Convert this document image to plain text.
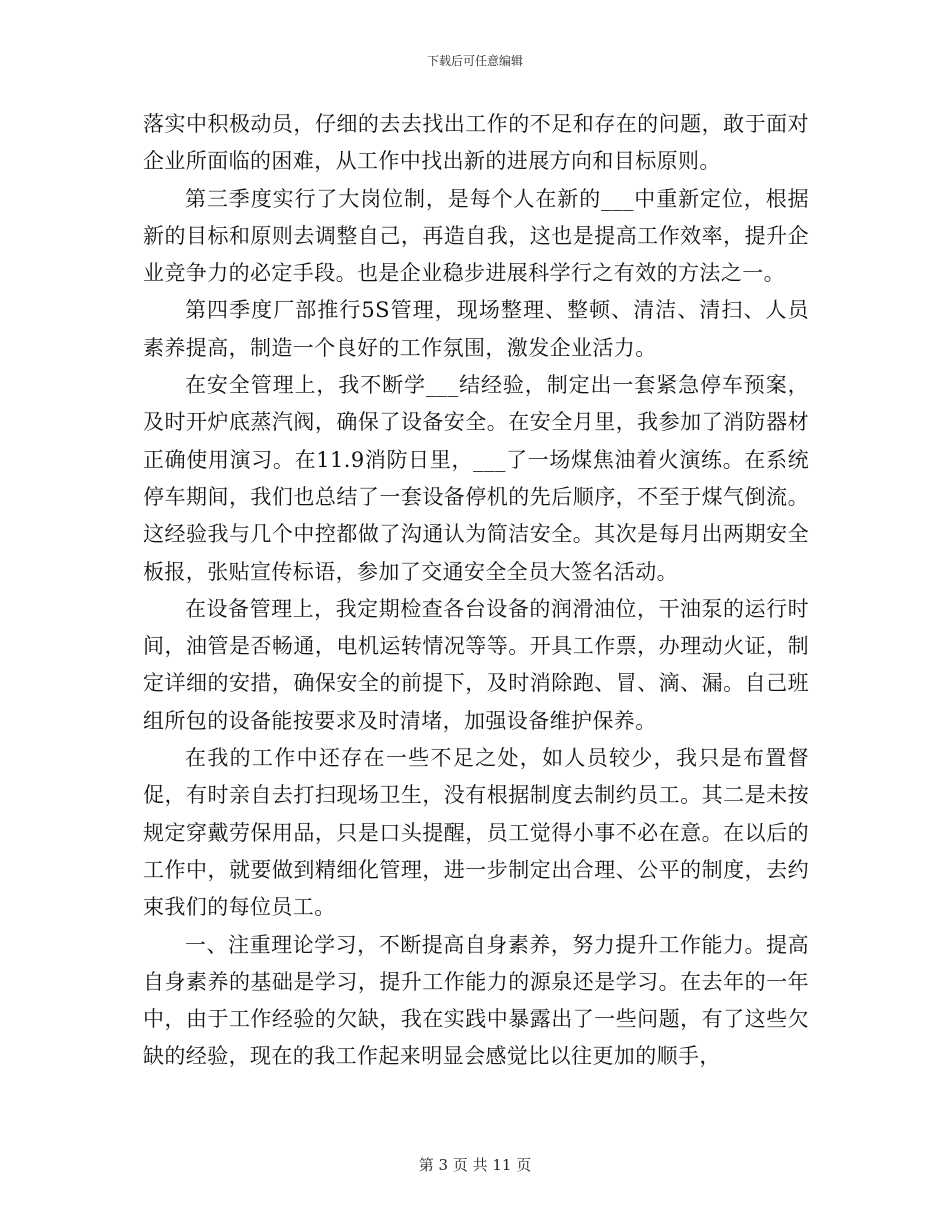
下载后可任意编辑

落实中积极动员，仔细的去去找出工作的不足和存在的问题，敢于面对企业所面临的困难，从工作中找出新的进展方向和目标原则。

第三季度实行了大岗位制，是每个人在新的___中重新定位，根据新的目标和原则去调整自己，再造自我，这也是提高工作效率，提升企业竞争力的必定手段。也是企业稳步进展科学行之有效的方法之一。

第四季度厂部推行5S管理，现场整理、整顿、清洁、清扫、人员素养提高，制造一个良好的工作氛围，激发企业活力。

在安全管理上，我不断学___结经验，制定出一套紧急停车预案，及时开炉底蒸汽阀，确保了设备安全。在安全月里，我参加了消防器材正确使用演习。在11.9消防日里，___了一场煤焦油着火演练。在系统停车期间，我们也总结了一套设备停机的先后顺序，不至于煤气倒流。这经验我与几个中控都做了沟通认为简洁安全。其次是每月出两期安全板报，张贴宣传标语，参加了交通安全全员大签名活动。

在设备管理上，我定期检查各台设备的润滑油位，干油泵的运行时间，油管是否畅通，电机运转情况等等。开具工作票，办理动火证，制定详细的安措，确保安全的前提下，及时消除跑、冒、滴、漏。自己班组所包的设备能按要求及时清堵，加强设备维护保养。

在我的工作中还存在一些不足之处，如人员较少，我只是布置督促，有时亲自去打扫现场卫生，没有根据制度去制约员工。其二是未按规定穿戴劳保用品，只是口头提醒，员工觉得小事不必在意。在以后的工作中，就要做到精细化管理，进一步制定出合理、公平的制度，去约束我们的每位员工。

一、注重理论学习，不断提高自身素养，努力提升工作能力。提高自身素养的基础是学习，提升工作能力的源泉还是学习。在去年的一年中，由于工作经验的欠缺，我在实践中暴露出了一些问题，有了这些欠缺的经验，现在的我工作起来明显会感觉比以往更加的顺手，

第 3 页 共 11 页
